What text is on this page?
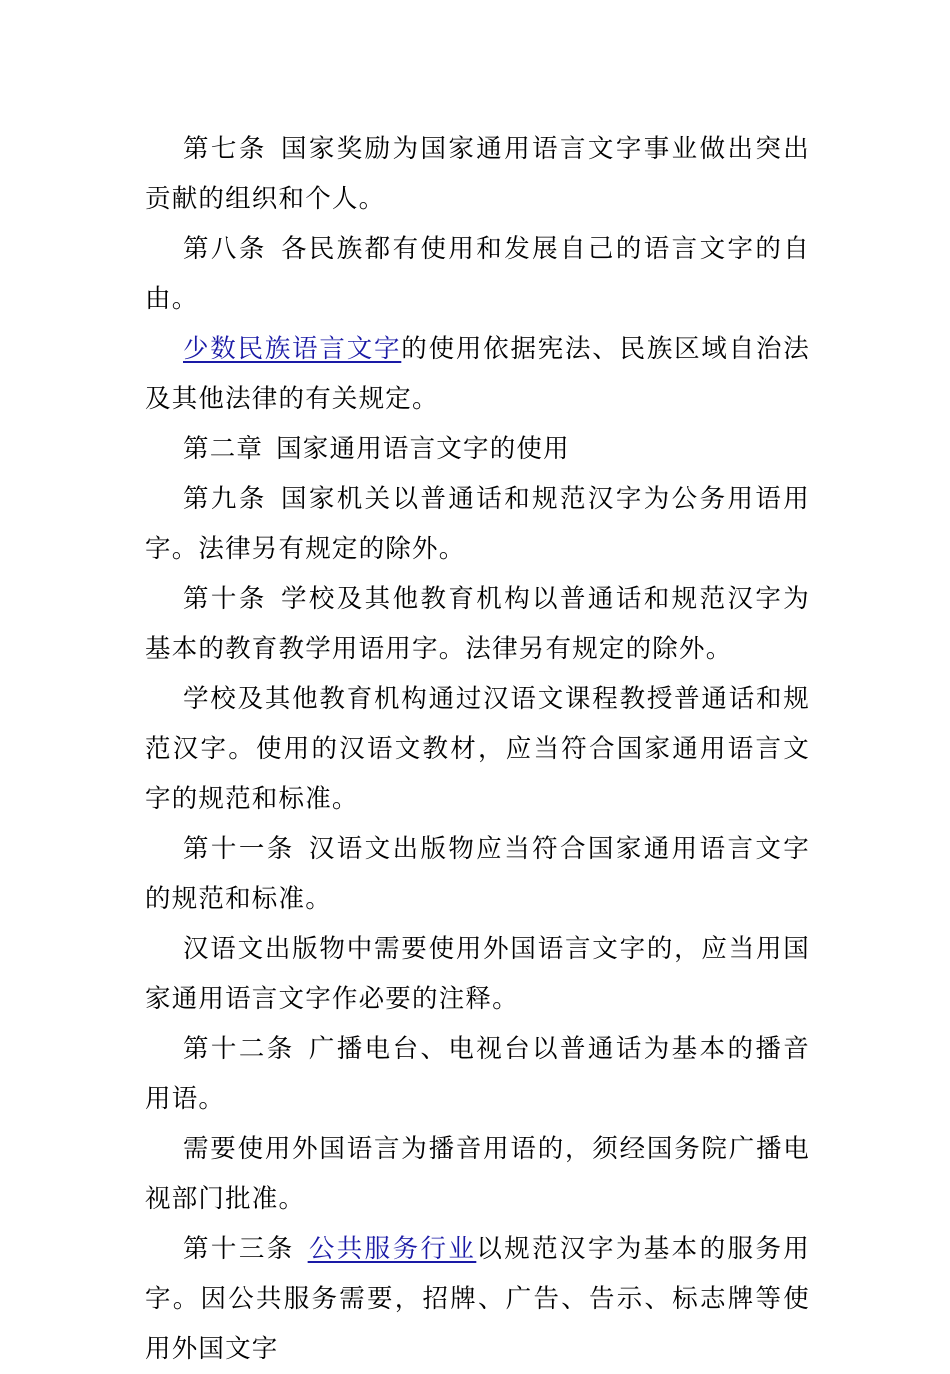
第七条 国家奖励为国家通用语言文字事业做出突出贡献的组织和个人。

第八条 各民族都有使用和发展自己的语言文字的自由。

少数民族语言文字的使用依据宪法、民族区域自治法及其他法律的有关规定。

第二章 国家通用语言文字的使用

第九条 国家机关以普通话和规范汉字为公务用语用字。法律另有规定的除外。

第十条 学校及其他教育机构以普通话和规范汉字为基本的教育教学用语用字。法律另有规定的除外。

学校及其他教育机构通过汉语文课程教授普通话和规范汉字。使用的汉语文教材，应当符合国家通用语言文字的规范和标准。

第十一条 汉语文出版物应当符合国家通用语言文字的规范和标准。

汉语文出版物中需要使用外国语言文字的，应当用国家通用语言文字作必要的注释。

第十二条 广播电台、电视台以普通话为基本的播音用语。

需要使用外国语言为播音用语的，须经国务院广播电视部门批准。

第十三条 公共服务行业以规范汉字为基本的服务用字。因公共服务需要，招牌、广告、告示、标志牌等使用外国文字
